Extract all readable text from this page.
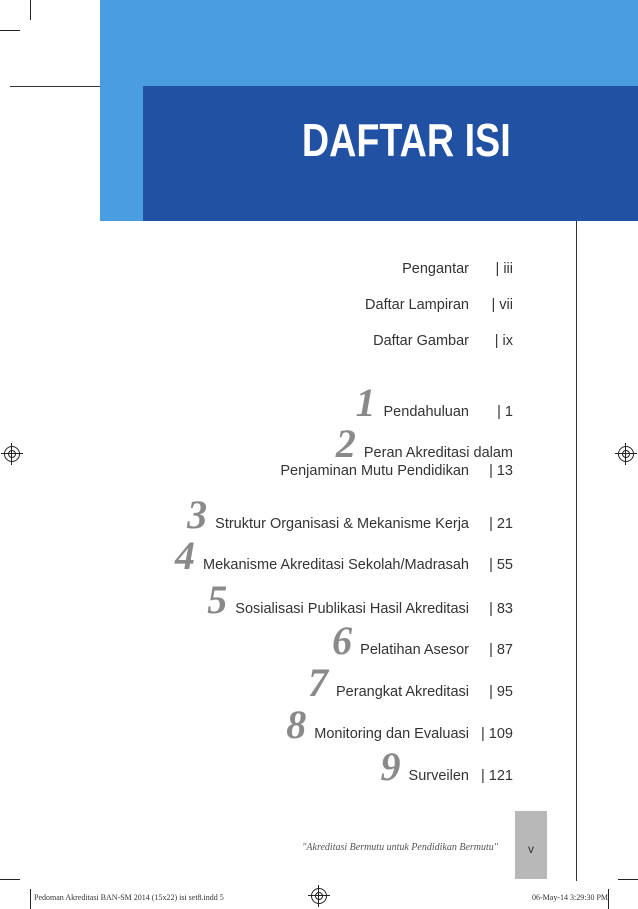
DAFTAR ISI
Pengantar	| iii
Daftar Lampiran	| vii
Daftar Gambar	| ix
1 Pendahuluan	| 1
2 Peran Akreditasi dalam
Penjaminan Mutu Pendidikan	| 13
3 Struktur Organisasi & Mekanisme Kerja	| 21
4 Mekanisme Akreditasi Sekolah/Madrasah	| 55
5 Sosialisasi Publikasi Hasil Akreditasi	| 83
6 Pelatihan Asesor	| 87
7 Perangkat Akreditasi	| 95
8 Monitoring dan Evaluasi | 109
9 Surveilen | 121
"Akreditasi Bermutu untuk Pendidikan Bermutu"	v
Pedoman Akreditasi BAN-SM 2014 (15x22) isi set8.indd 5	06-May-14 3:29:30 PM
